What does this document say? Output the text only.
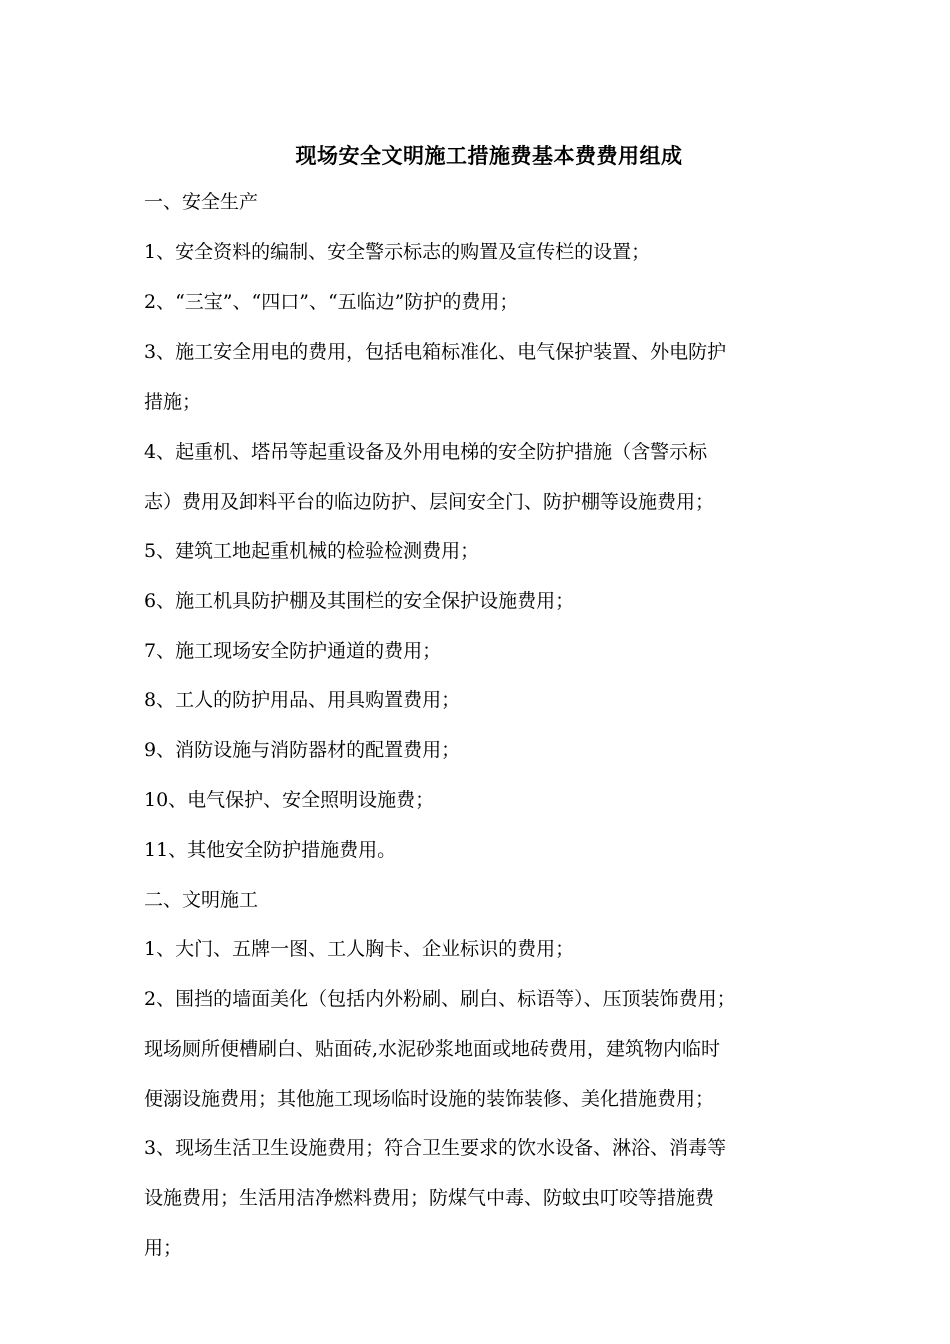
现场安全文明施工措施费基本费费用组成
一、安全生产
1、安全资料的编制、安全警示标志的购置及宣传栏的设置；
2、“三宝”、“四口”、“五临边”防护的费用；
3、施工安全用电的费用，包括电箱标准化、电气保护装置、外电防护
措施；
4、起重机、塔吊等起重设备及外用电梯的安全防护措施（含警示标
志）费用及卸料平台的临边防护、层间安全门、防护棚等设施费用；
5、建筑工地起重机械的检验检测费用；
6、施工机具防护棚及其围栏的安全保护设施费用；
7、施工现场安全防护通道的费用；
8、工人的防护用品、用具购置费用；
9、消防设施与消防器材的配置费用；
10、电气保护、安全照明设施费；
11、其他安全防护措施费用。
二、文明施工
1、大门、五牌一图、工人胸卡、企业标识的费用；
2、围挡的墙面美化（包括内外粉刷、刷白、标语等）、压顶装饰费用；
现场厕所便槽刷白、贴面砖,水泥砂浆地面或地砖费用，建筑物内临时
便溺设施费用；其他施工现场临时设施的装饰装修、美化措施费用；
3、现场生活卫生设施费用；符合卫生要求的饮水设备、淋浴、消毒等
设施费用；生活用洁净燃料费用；防煤气中毒、防蚊虫叮咬等措施费
用；
